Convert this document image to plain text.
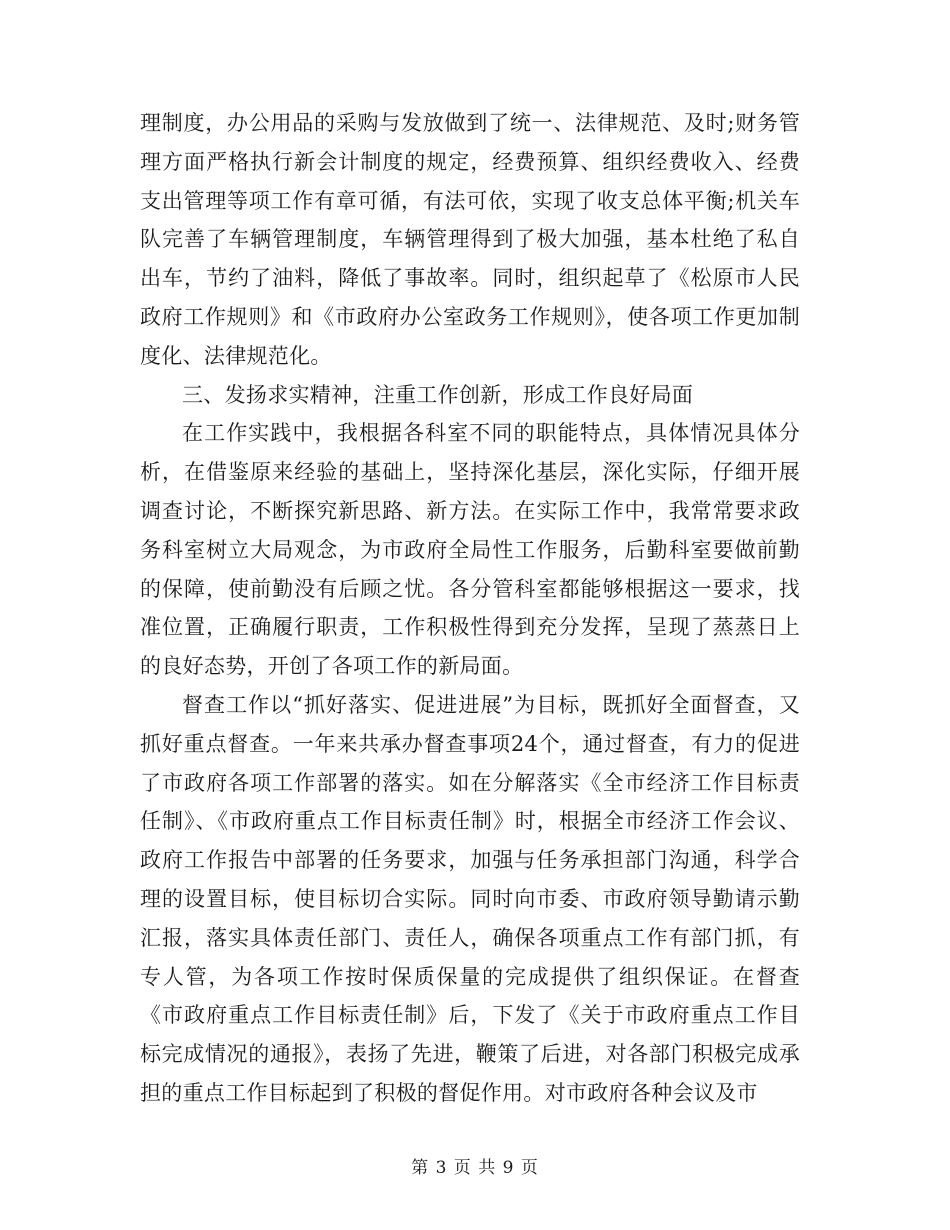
理制度，办公用品的采购与发放做到了统一、法律规范、及时;财务管理方面严格执行新会计制度的规定，经费预算、组织经费收入、经费支出管理等项工作有章可循，有法可依，实现了收支总体平衡;机关车队完善了车辆管理制度，车辆管理得到了极大加强，基本杜绝了私自出车，节约了油料，降低了事故率。同时，组织起草了《松原市人民政府工作规则》和《市政府办公室政务工作规则》，使各项工作更加制度化、法律规范化。

三、发扬求实精神，注重工作创新，形成工作良好局面

在工作实践中，我根据各科室不同的职能特点，具体情况具体分析，在借鉴原来经验的基础上，坚持深化基层，深化实际，仔细开展调查讨论，不断探究新思路、新方法。在实际工作中，我常常要求政务科室树立大局观念，为市政府全局性工作服务，后勤科室要做前勤的保障，使前勤没有后顾之忧。各分管科室都能够根据这一要求，找准位置，正确履行职责，工作积极性得到充分发挥，呈现了蒸蒸日上的良好态势，开创了各项工作的新局面。

督查工作以“抓好落实、促进进展”为目标，既抓好全面督查，又抓好重点督查。一年来共承办督查事项24个，通过督查，有力的促进了市政府各项工作部署的落实。如在分解落实《全市经济工作目标责任制》、《市政府重点工作目标责任制》时，根据全市经济工作会议、政府工作报告中部署的任务要求，加强与任务承担部门沟通，科学合理的设置目标，使目标切合实际。同时向市委、市政府领导勤请示勤汇报，落实具体责任部门、责任人，确保各项重点工作有部门抓，有专人管，为各项工作按时保质保量的完成提供了组织保证。在督查《市政府重点工作目标责任制》后，下发了《关于市政府重点工作目标完成情况的通报》，表扬了先进，鞭策了后进，对各部门积极完成承担的重点工作目标起到了积极的督促作用。对市政府各种会议及市

第 3 页 共 9 页
